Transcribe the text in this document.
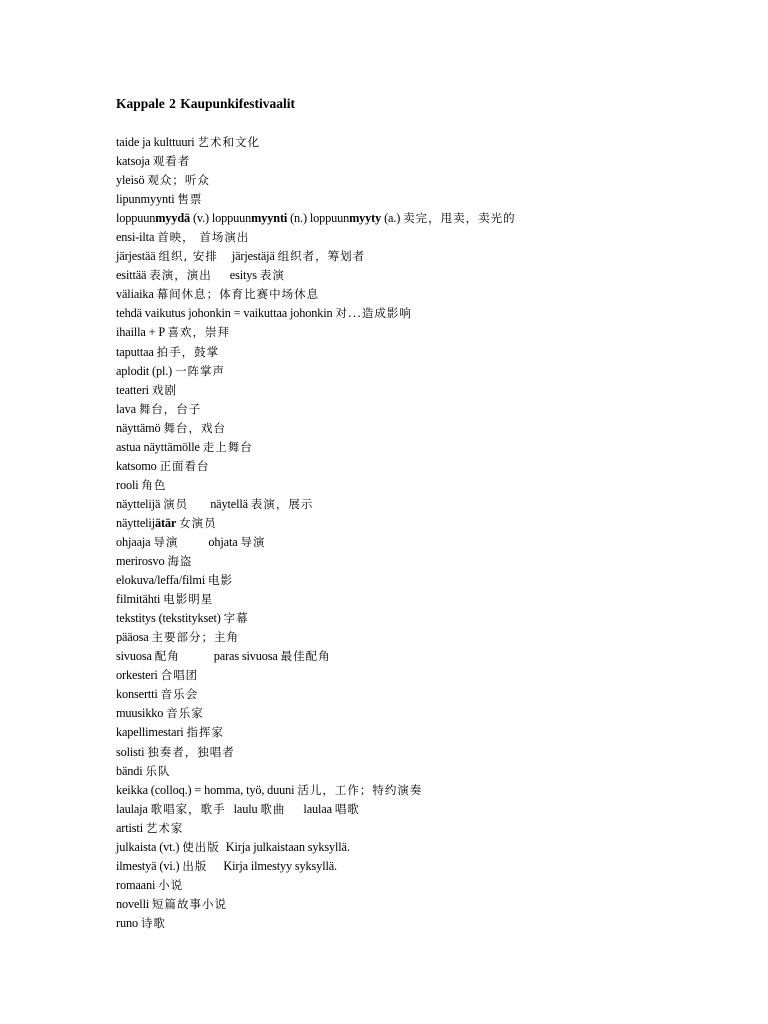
Kappale 2 Kaupunkifestivaalit
taide ja kulttuuri 艺术和文化
katsoja 观看者
yleisö 观众；听众
lipunmyynti 售票
loppuunmyydä (v.) loppuunmyynti (n.) loppuunmyyty (a.) 卖完，甩卖，卖光的
ensi-ilta 首映， 首场演出
järjestää 组织, 安排 järjestäjä 组织者，筹划者
esittää 表演，演出 esitys 表演
väliaika 幕间休息；体育比赛中场休息
tehdä vaikutus johonkin = vaikuttaa johonkin 对...造成影响
ihailla + P 喜欢，崇拜
taputtaa 拍手，鼓掌
aplodit (pl.) 一阵掌声
teatteri 戏剧
lava 舞台，台子
näyttämö 舞台，戏台
astua näyttämölle 走上舞台
katsomo 正面看台
rooli 角色
näyttelijä 演员 näytellä 表演，展示
näyttelijätär 女演员
ohjaaja 导演 ohjata 导演
merirosvo 海盗
elokuva/leffa/filmi 电影
filmitähti 电影明星
tekstitys (tekstitykset) 字幕
pääosa 主要部分；主角
sivuosa 配角	paras sivuosa 最佳配角
orkesteri 合唱团
konsertti 音乐会
muusikko 音乐家
kapellimestari 指挥家
solisti 独奏者，独唱者
bändi 乐队
keikka (colloq.) = homma, työ, duuni 活儿，工作；特约演奏
laulaja 歌唱家，歌手 laulu 歌曲 laulaa 唱歌
artisti 艺术家
julkaista (vt.) 使出版 Kirja julkaistaan syksyllä.
ilmestyä (vi.) 出版 Kirja ilmestyy syksyllä.
romaani 小说
novelli 短篇故事小说
runo 诗歌
